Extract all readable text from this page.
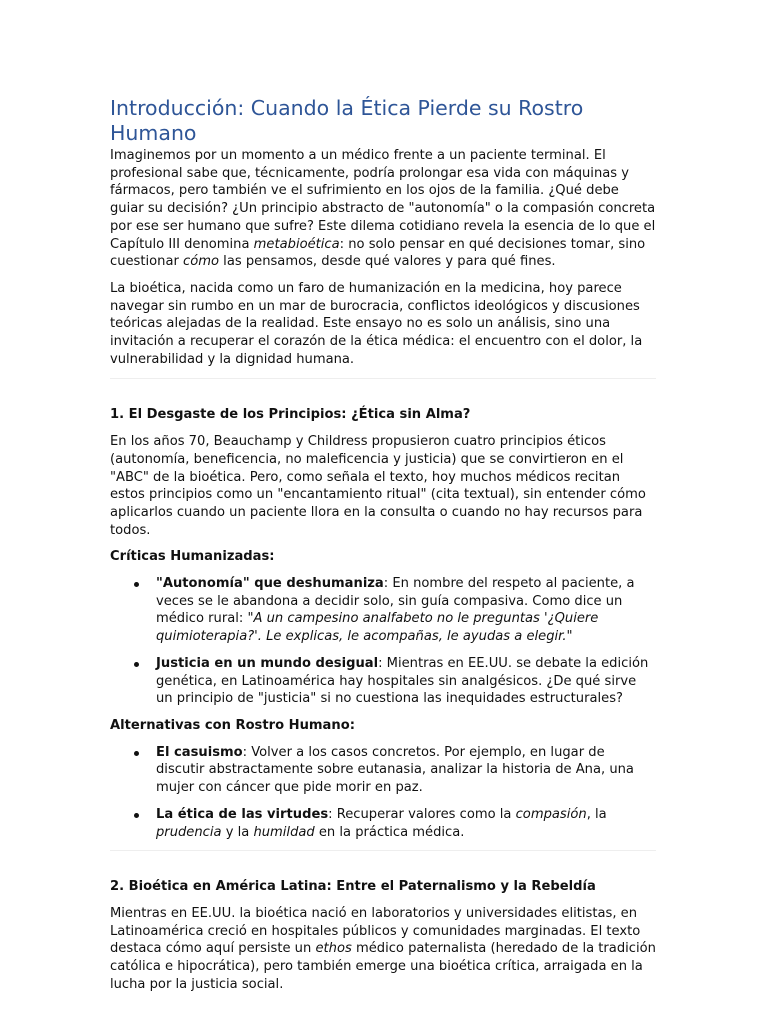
Introducción: Cuando la Ética Pierde su Rostro Humano

Imaginemos por un momento a un médico frente a un paciente terminal. El profesional sabe que, técnicamente, podría prolongar esa vida con máquinas y fármacos, pero también ve el sufrimiento en los ojos de la familia. ¿Qué debe guiar su decisión? ¿Un principio abstracto de "autonomía" o la compasión concreta por ese ser humano que sufre? Este dilema cotidiano revela la esencia de lo que el Capítulo III denomina metabioética: no solo pensar en qué decisiones tomar, sino cuestionar cómo las pensamos, desde qué valores y para qué fines.

La bioética, nacida como un faro de humanización en la medicina, hoy parece navegar sin rumbo en un mar de burocracia, conflictos ideológicos y discusiones teóricas alejadas de la realidad. Este ensayo no es solo un análisis, sino una invitación a recuperar el corazón de la ética médica: el encuentro con el dolor, la vulnerabilidad y la dignidad humana.

1. El Desgaste de los Principios: ¿Ética sin Alma?

En los años 70, Beauchamp y Childress propusieron cuatro principios éticos (autonomía, beneficencia, no maleficencia y justicia) que se convirtieron en el "ABC" de la bioética. Pero, como señala el texto, hoy muchos médicos recitan estos principios como un "encantamiento ritual" (cita textual), sin entender cómo aplicarlos cuando un paciente llora en la consulta o cuando no hay recursos para todos.

Críticas Humanizadas:
"Autonomía" que deshumaniza: En nombre del respeto al paciente, a veces se le abandona a decidir solo, sin guía compasiva. Como dice un médico rural: "A un campesino analfabeto no le preguntas '¿Quiere quimioterapia?'. Le explicas, le acompañas, le ayudas a elegir."
Justicia en un mundo desigual: Mientras en EE.UU. se debate la edición genética, en Latinoamérica hay hospitales sin analgésicos. ¿De qué sirve un principio de "justicia" si no cuestiona las inequidades estructurales?
Alternativas con Rostro Humano:
El casuismo: Volver a los casos concretos. Por ejemplo, en lugar de discutir abstractamente sobre eutanasia, analizar la historia de Ana, una mujer con cáncer que pide morir en paz.
La ética de las virtudes: Recuperar valores como la compasión, la prudencia y la humildad en la práctica médica.
2. Bioética en América Latina: Entre el Paternalismo y la Rebeldía

Mientras en EE.UU. la bioética nació en laboratorios y universidades elitistas, en Latinoamérica creció en hospitales públicos y comunidades marginadas. El texto destaca cómo aquí persiste un ethos médico paternalista (heredado de la tradición católica e hipocrática), pero también emerge una bioética crítica, arraigada en la lucha por la justicia social.
